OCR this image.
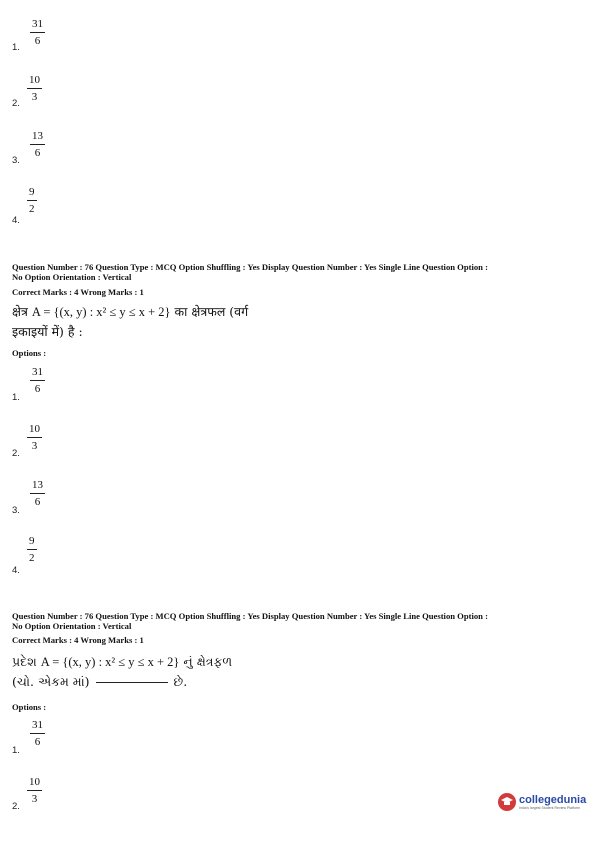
31
6
1.
10
3
2.
13
6
3.
9
2
4.
Question Number : 76 Question Type : MCQ Option Shuffling : Yes Display Question Number : Yes Single Line Question Option :
No Option Orientation : Vertical
Correct Marks : 4 Wrong Marks : 1
क्षेत्र A = {(x, y) : x² ≤ y ≤ x + 2} का क्षेत्रफल (वर्ग
इकाइयों में) है :
Options :
31
6
1.
10
3
2.
13
6
3.
9
2
4.
Question Number : 76 Question Type : MCQ Option Shuffling : Yes Display Question Number : Yes Single Line Question Option :
No Option Orientation : Vertical
Correct Marks : 4 Wrong Marks : 1
પ્રદેશ A = {(x, y) : x² ≤ y ≤ x + 2} નું ક્ષેત્રફળ
(ચો. એકમ માં)	છે.
Options :
31
6
1.
10
3
2.
collegedunia
India's largest Student Review Platform
